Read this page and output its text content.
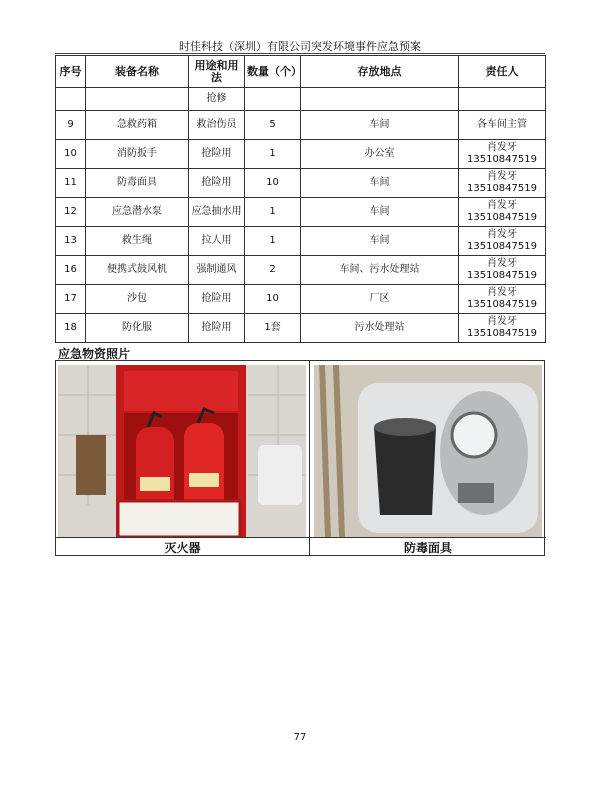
时佳科技（深圳）有限公司突发环境事件应急预案
序号	装备名称	用途和用法	数量（个）	存放地点	责任人
		抢修			
9	急救药箱	救治伤员	5	车间	各车间主管

10	消防扳手	抢险用	1	办公室	肖发牙
13510847519

11	防毒面具	抢险用	10	车间	肖发牙
13510847519

12	应急潜水泵	应急抽水用	1	车间	肖发牙
13510847519

13	救生绳	拉人用	1	车间	肖发牙
13510847519

16	便携式鼓风机	强制通风	2	车间、污水处理站	肖发牙
13510847519

17	沙包	抢险用	10	厂区	肖发牙
13510847519

18	防化服	抢险用	1套	污水处理站	肖发牙
13510847519
应急物资照片
灭火器	防毒面具
77
